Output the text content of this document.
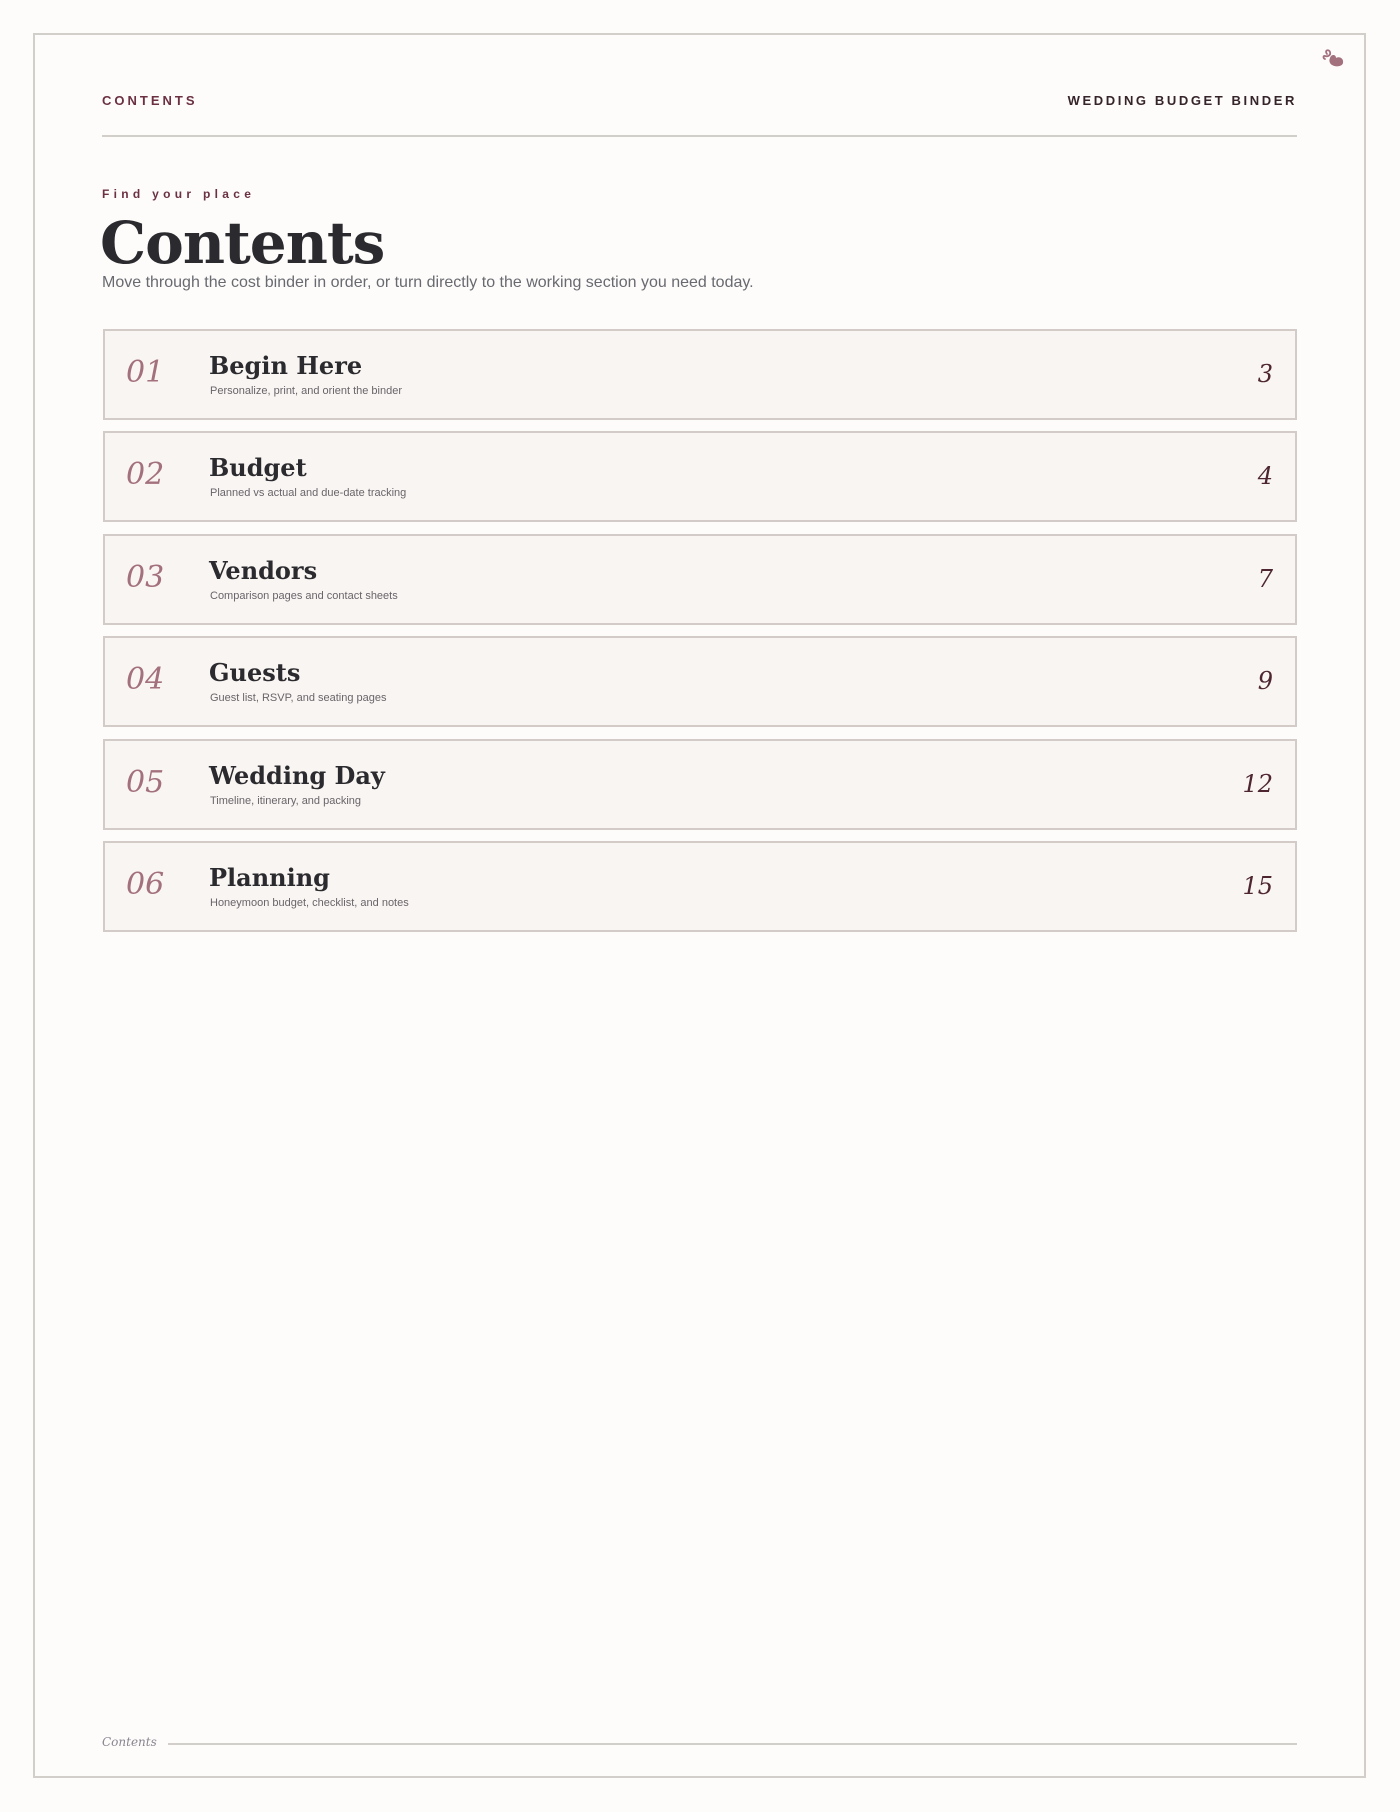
CONTENTS	WEDDING BUDGET BINDER
Find your place
Contents
Move through the cost binder in order, or turn directly to the working section you need today.
01 Begin Here
Personalize, print, and orient the binder
3
02 Budget
Planned vs actual and due-date tracking
4
03 Vendors
Comparison pages and contact sheets
7
04 Guests
Guest list, RSVP, and seating pages
9
05 Wedding Day
Timeline, itinerary, and packing
12
06 Planning
Honeymoon budget, checklist, and notes
15
Contents
